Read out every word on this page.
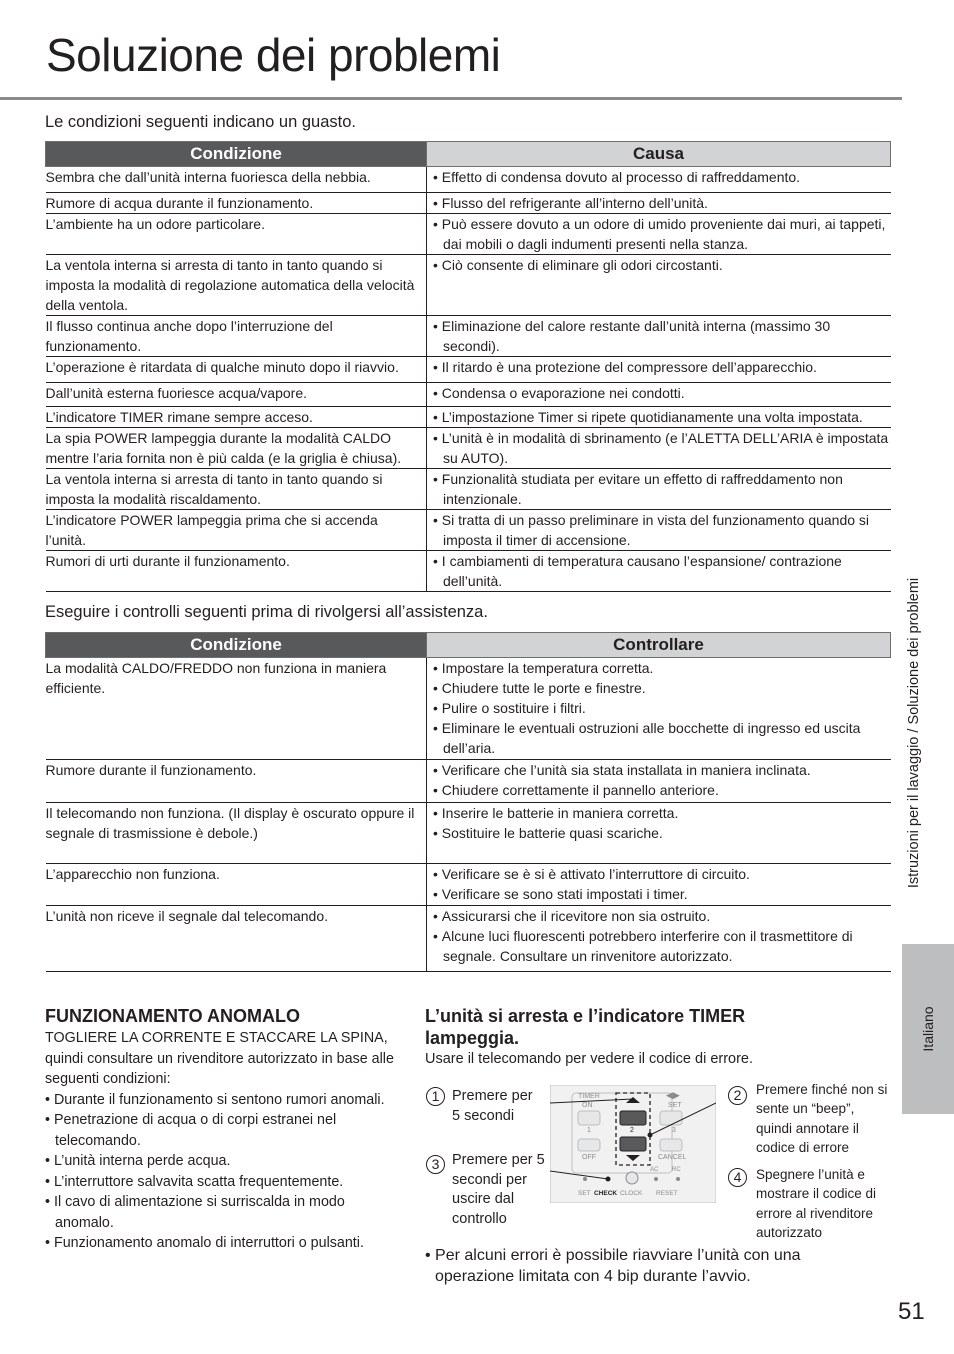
Soluzione dei problemi
Le condizioni seguenti indicano un guasto.
Condizione	Causa
Sembra che dall’unità interna fuoriesca della nebbia.	• Effetto di condensa dovuto al processo di raffreddamento.

Rumore di acqua durante il funzionamento.	• Flusso del refrigerante all’interno dell’unità.

L’ambiente ha un odore particolare.	• Può essere dovuto a un odore di umido proveniente dai muri, ai tappeti, dai mobili o dagli indumenti presenti nella stanza.

La ventola interna si arresta di tanto in tanto quando si imposta la modalità di regolazione automatica della velocità della ventola.	• Ciò consente di eliminare gli odori circostanti.

Il flusso continua anche dopo l’interruzione del funzionamento.	• Eliminazione del calore restante dall’unità interna (massimo 30 secondi).

L’operazione è ritardata di qualche minuto dopo il riavvio.	• Il ritardo è una protezione del compressore dell’apparecchio.

Dall’unità esterna fuoriesce acqua/vapore.	• Condensa o evaporazione nei condotti.

L’indicatore TIMER rimane sempre acceso.	• L’impostazione Timer si ripete quotidianamente una volta impostata.

La spia POWER lampeggia durante la modalità CALDO mentre l’aria fornita non è più calda (e la griglia è chiusa).	• L’unità è in modalità di sbrinamento (e l’ALETTA DELL’ARIA è impostata su AUTO).

La ventola interna si arresta di tanto in tanto quando si imposta la modalità riscaldamento.	• Funzionalità studiata per evitare un effetto di raffreddamento non intenzionale.

L’indicatore POWER lampeggia prima che si accenda l’unità.	• Si tratta di un passo preliminare in vista del funzionamento quando si imposta il timer di accensione.

Rumori di urti durante il funzionamento.	• I cambiamenti di temperatura causano l’espansione/ contrazione dell’unità.
Eseguire i controlli seguenti prima di rivolgersi all’assistenza.
Condizione	Controllare
La modalità CALDO/FREDDO non funziona in maniera efficiente.	• Impostare la temperatura corretta.
• Chiudere tutte le porte e finestre.
• Pulire o sostituire i filtri.
• Eliminare le eventuali ostruzioni alle bocchette di ingresso ed uscita dell’aria.

Rumore durante il funzionamento.	• Verificare che l’unità sia stata installata in maniera inclinata.
• Chiudere correttamente il pannello anteriore.

Il telecomando non funziona. (Il display è oscurato oppure il segnale di trasmissione è debole.)	• Inserire le batterie in maniera corretta.
• Sostituire le batterie quasi scariche.

L’apparecchio non funziona.	• Verificare se è si è attivato l’interruttore di circuito.
• Verificare se sono stati impostati i timer.

L’unità non riceve il segnale dal telecomando.	• Assicurarsi che il ricevitore non sia ostruito.
• Alcune luci fluorescenti potrebbero interferire con il trasmettitore di segnale. Consultare un rinvenitore autorizzato.
FUNZIONAMENTO ANOMALO

TOGLIERE LA CORRENTE E STACCARE LA SPINA, quindi consultare un rivenditore autorizzato in base alle seguenti condizioni:

• Durante il funzionamento si sentono rumori anomali.
• Penetrazione di acqua o di corpi estranei nel telecomando.
• L’unità interna perde acqua.
• L’interruttore salvavita scatta frequentemente.
• Il cavo di alimentazione si surriscalda in modo anomalo.
• Funzionamento anomalo di interruttori o pulsanti.
L’unità si arresta e l’indicatore TIMER lampeggia.
Usare il telecomando per vedere il codice di errore.
1 Premere per 5 secondi
3 Premere per 5 secondi per uscire dal controllo
2	Premere finché non si sente un “beep”, quindi annotare il codice di errore
4	Spegnere l’unità e mostrare il codice di errore al rivenditore autorizzato
TIMER
ON
◀▶
SET
1	2	3
OFF	CANCEL
AC RC
SET CHECK CLOCK RESET
• Per alcuni errori è possibile riavviare l’unità con una operazione limitata con 4 bip durante l’avvio.
Istruzioni per il lavaggio / Soluzione dei problemi
Italiano
51
